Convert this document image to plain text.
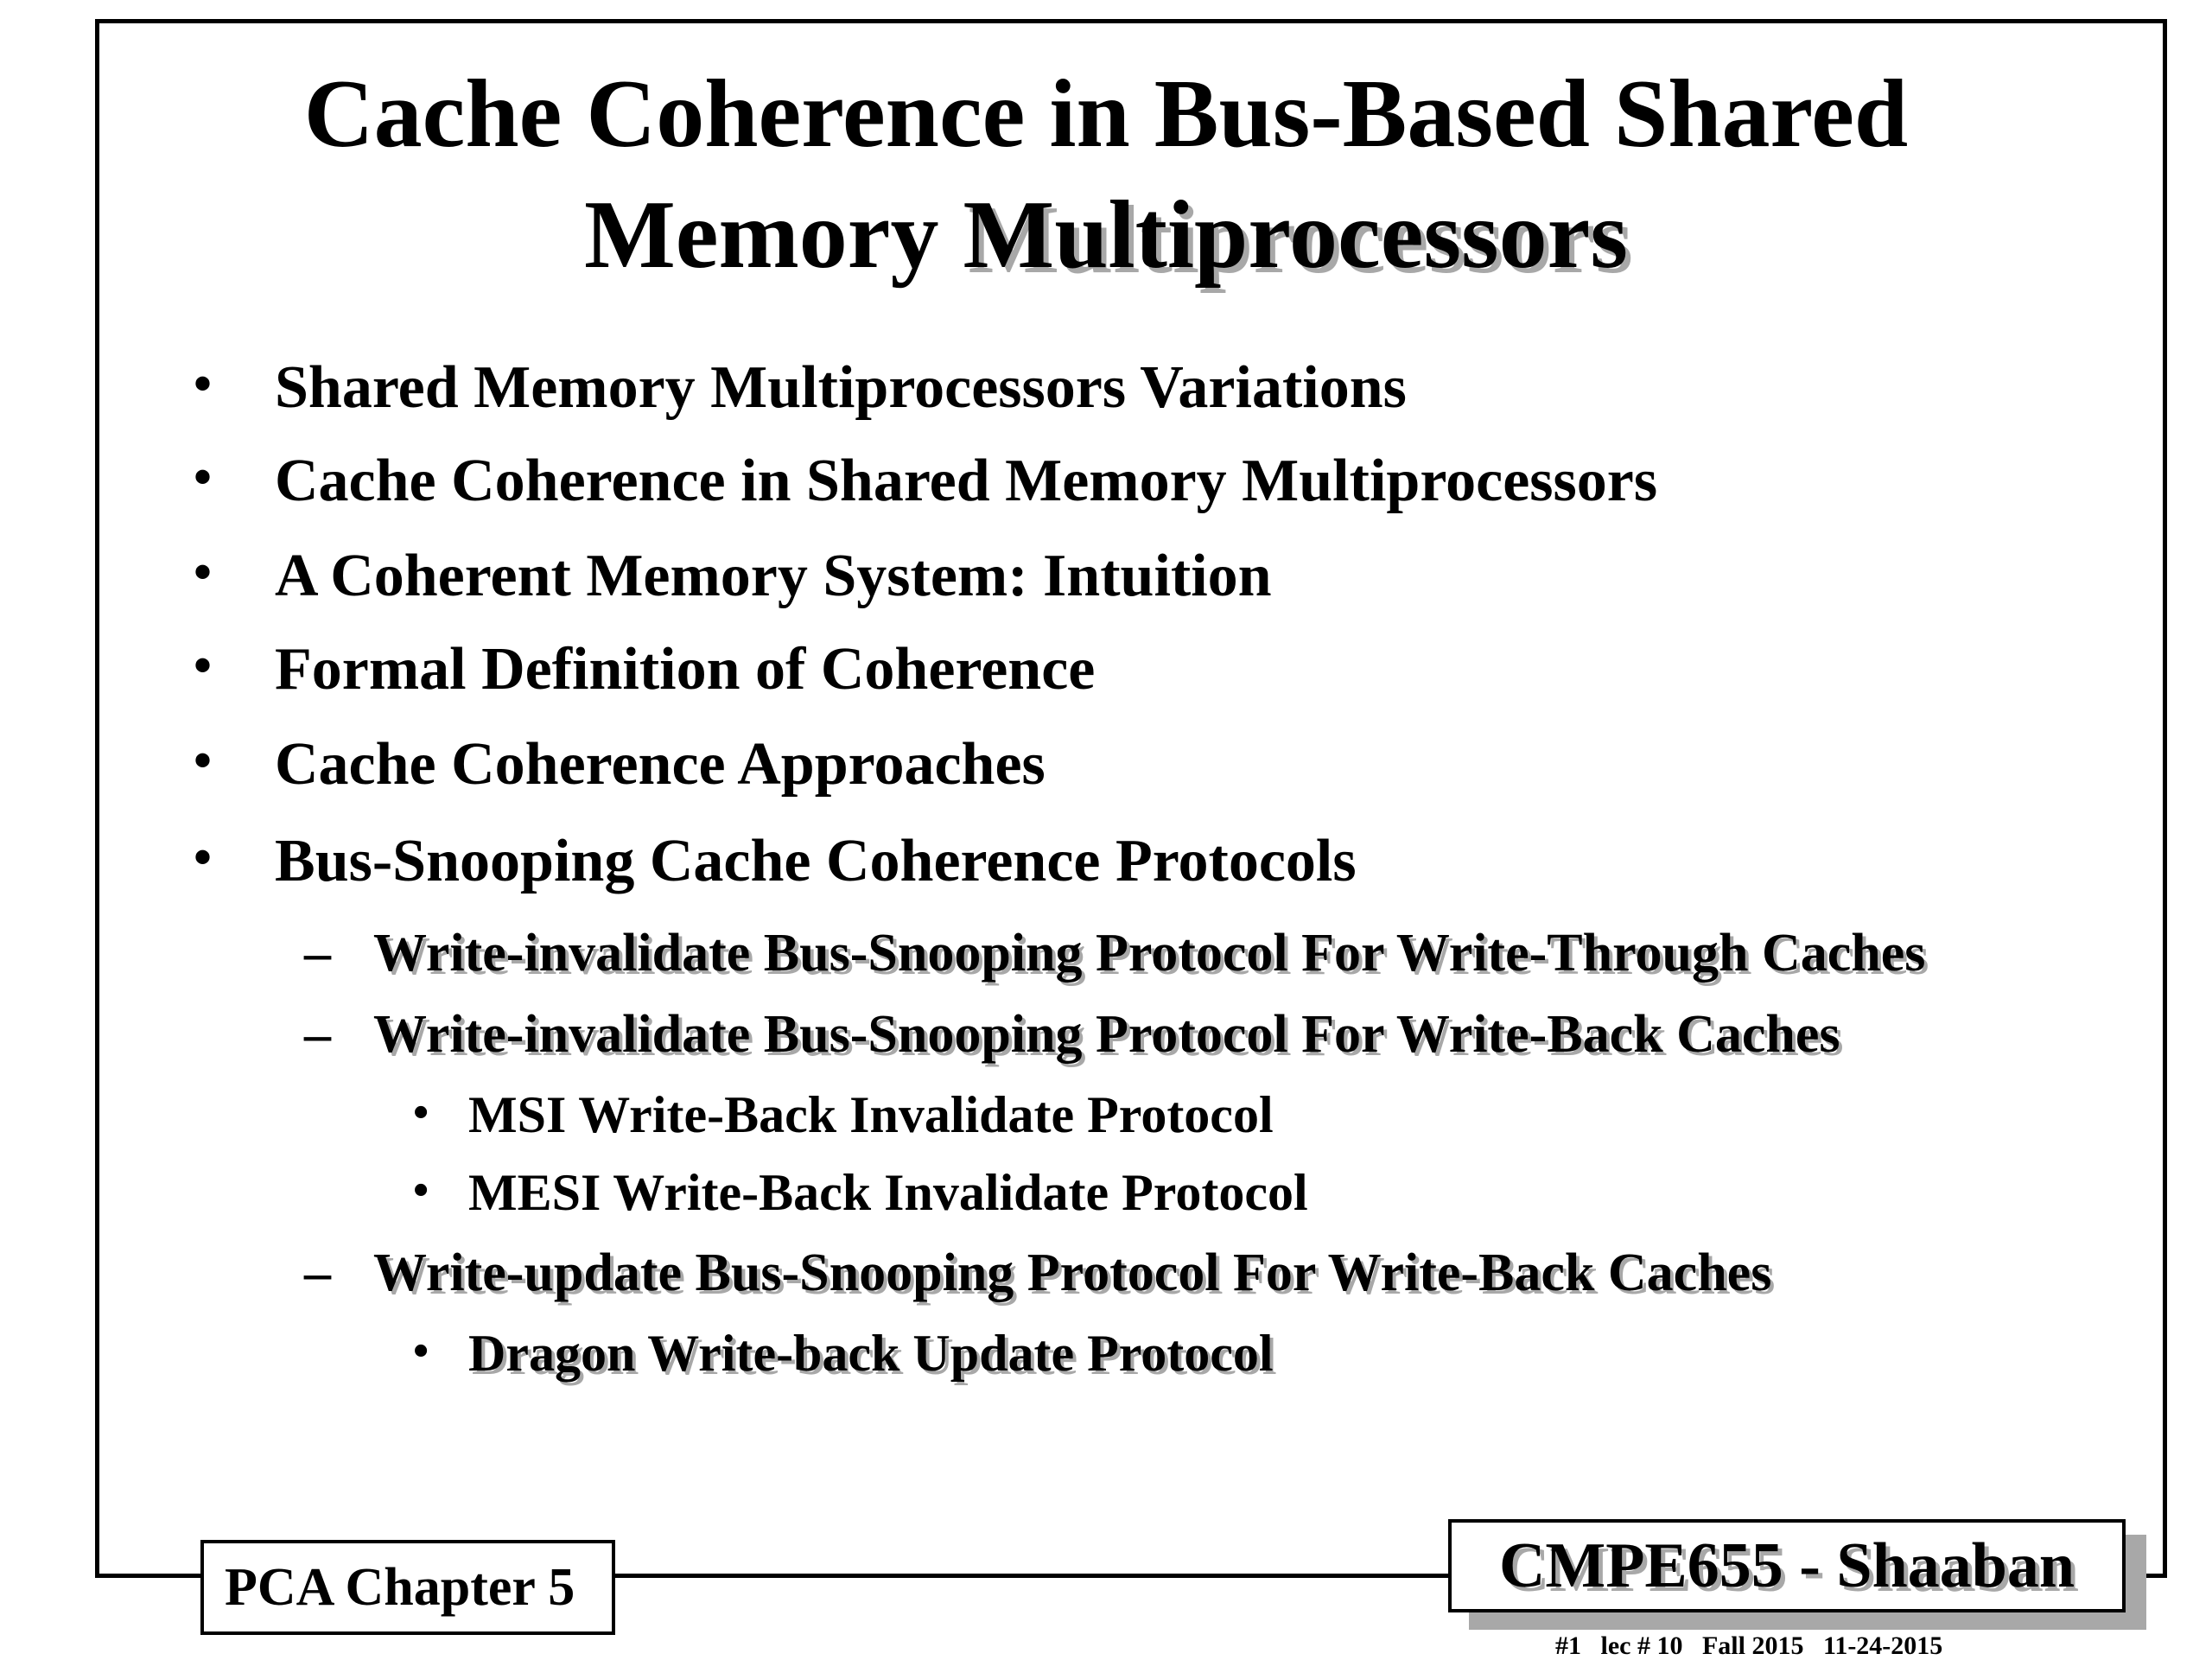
Cache Coherence in Bus-Based Shared
Memory Multiprocessors
• Shared Memory Multiprocessors Variations
• Cache Coherence in Shared Memory Multiprocessors
• A Coherent Memory System: Intuition
• Formal Definition of Coherence
• Cache Coherence Approaches
• Bus-Snooping Cache Coherence Protocols
– Write-invalidate Bus-Snooping Protocol For Write-Through Caches
– Write-invalidate Bus-Snooping Protocol For Write-Back Caches
• MSI Write-Back Invalidate Protocol
• MESI Write-Back Invalidate Protocol
– Write-update Bus-Snooping Protocol For Write-Back Caches
• Dragon Write-back Update Protocol
PCA Chapter 5	CMPE655 - Shaaban
#1 lec # 10 Fall 2015 11-24-2015
